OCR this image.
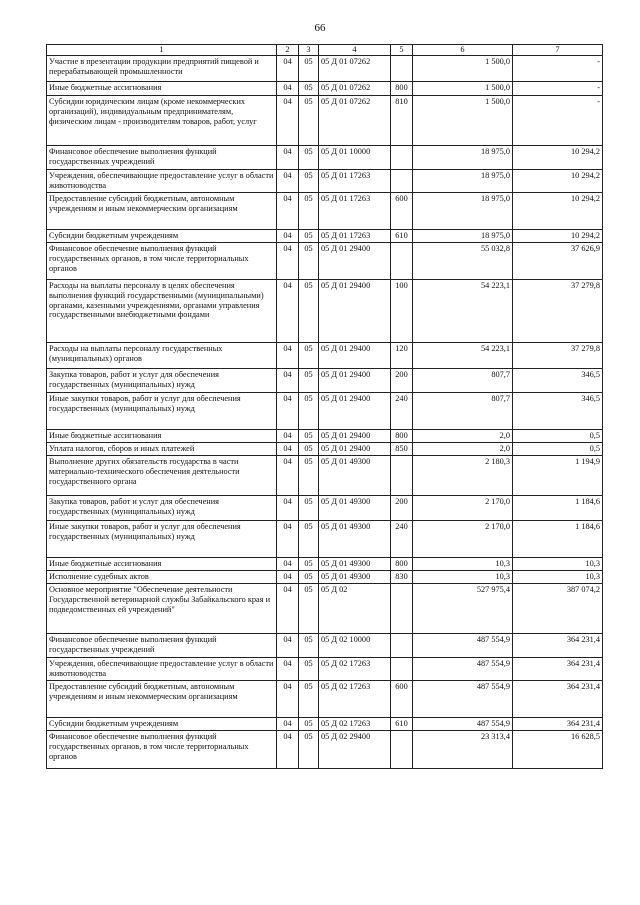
66
1	2	3	4	5	6	7
Участие в презентации продукции предприятий пищевой и перерабатывающей промышленности	04	05	05 Д 01 07262		1 500,0	-
Иные бюджетные ассигнования	04	05	05 Д 01 07262	800	1 500,0	-
Субсидии юридическим лицам (кроме некоммерческих организаций), индивидуальным предпринимателям, физическим лицам - производителям товаров, работ, услуг	04	05	05 Д 01 07262	810	1 500,0	-
Финансовое обеспечение выполнения функций государственных учреждений	04	05	05 Д 01 10000		18 975,0	10 294,2
Учреждения, обеспечивающие предоставление услуг в области животноводства	04	05	05 Д 01 17263		18 975,0	10 294,2
Предоставление субсидий бюджетным, автономным учреждениям и иным некоммерческим организациям	04	05	05 Д 01 17263	600	18 975,0	10 294,2
Субсидии бюджетным учреждениям	04	05	05 Д 01 17263	610	18 975,0	10 294,2
Финансовое обеспечение выполнения функций государственных органов, в том числе территориальных органов	04	05	05 Д 01 29400		55 032,8	37 626,9
Расходы на выплаты персоналу в целях обеспечения выполнения функций государственными (муниципальными) органами, казенными учреждениями, органами управления государственными внебюджетными фондами	04	05	05 Д 01 29400	100	54 223,1	37 279,8
Расходы на выплаты персоналу государственных (муниципальных) органов	04	05	05 Д 01 29400	120	54 223,1	37 279,8
Закупка товаров, работ и услуг для обеспечения государственных (муниципальных) нужд	04	05	05 Д 01 29400	200	807,7	346,5
Иные закупки товаров, работ и услуг для обеспечения государственных (муниципальных) нужд	04	05	05 Д 01 29400	240	807,7	346,5
Иные бюджетные ассигнования	04	05	05 Д 01 29400	800	2,0	0,5
Уплата налогов, сборов и иных платежей	04	05	05 Д 01 29400	850	2,0	0,5
Выполнение других обязательств государства в части материально-технического обеспечения деятельности государственного органа	04	05	05 Д 01 49300		2 180,3	1 194,9
Закупка товаров, работ и услуг для обеспечения государственных (муниципальных) нужд	04	05	05 Д 01 49300	200	2 170,0	1 184,6
Иные закупки товаров, работ и услуг для обеспечения государственных (муниципальных) нужд	04	05	05 Д 01 49300	240	2 170,0	1 184,6
Иные бюджетные ассигнования	04	05	05 Д 01 49300	800	10,3	10,3
Исполнение судебных актов	04	05	05 Д 01 49300	830	10,3	10,3
Основное мероприятие "Обеспечение деятельности Государственной ветеринарной службы Забайкальского края и подведомственных ей учреждений"	04	05	05 Д 02		527 975,4	387 074,2
Финансовое обеспечение выполнения функций государственных учреждений	04	05	05 Д 02 10000		487 554,9	364 231,4
Учреждения, обеспечивающие предоставление услуг в области животноводства	04	05	05 Д 02 17263		487 554,9	364 231,4
Предоставление субсидий бюджетным, автономным учреждениям и иным некоммерческим организациям	04	05	05 Д 02 17263	600	487 554,9	364 231,4
Субсидии бюджетным учреждениям	04	05	05 Д 02 17263	610	487 554,9	364 231,4
Финансовое обеспечение выполнения функций государственных органов, в том числе территориальных органов	04	05	05 Д 02 29400		23 313,4	16 628,5
